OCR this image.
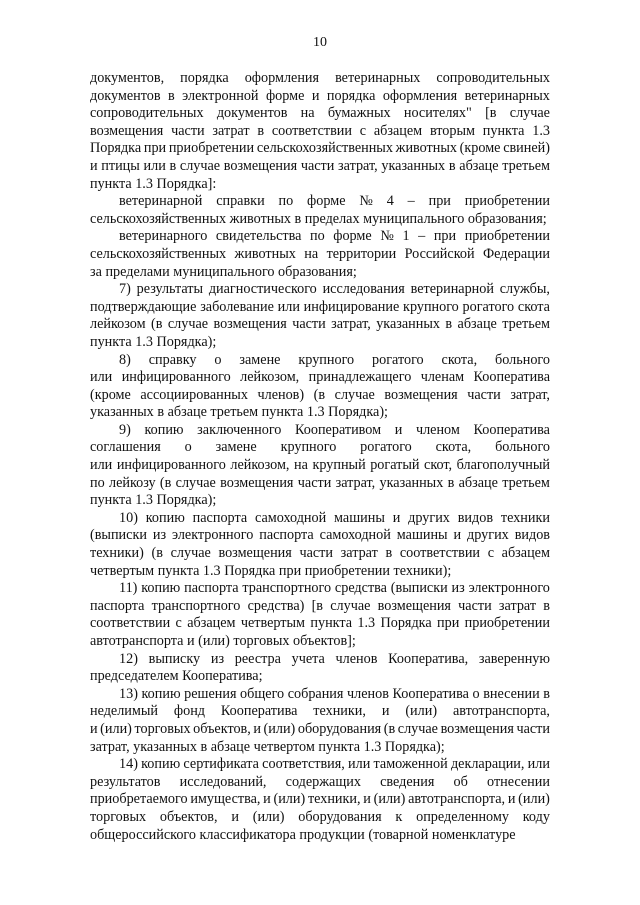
10

документов, порядка оформления ветеринарных сопроводительных
документов в электронной форме и порядка оформления ветеринарных
сопроводительных документов на бумажных носителях" [в случае
возмещения части затрат в соответствии с абзацем вторым пункта 1.3
Порядка при приобретении сельскохозяйственных животных (кроме свиней)
и птицы или в случае возмещения части затрат, указанных в абзаце третьем
пункта 1.3 Порядка]:

ветеринарной справки по форме № 4 – при приобретении
сельскохозяйственных животных в пределах муниципального образования;

ветеринарного свидетельства по форме № 1 – при приобретении
сельскохозяйственных животных на территории Российской Федерации
за пределами муниципального образования;

7) результаты диагностического исследования ветеринарной службы,
подтверждающие заболевание или инфицирование крупного рогатого скота
лейкозом (в случае возмещения части затрат, указанных в абзаце третьем
пункта 1.3 Порядка);

8) справку о замене крупного рогатого скота, больного
или инфицированного лейкозом, принадлежащего членам Кооператива
(кроме ассоциированных членов) (в случае возмещения части затрат,
указанных в абзаце третьем пункта 1.3 Порядка);

9) копию заключенного Кооперативом и членом Кооператива
соглашения о замене крупного рогатого скота, больного
или инфицированного лейкозом, на крупный рогатый скот, благополучный
по лейкозу (в случае возмещения части затрат, указанных в абзаце третьем
пункта 1.3 Порядка);

10) копию паспорта самоходной машины и других видов техники
(выписки из электронного паспорта самоходной машины и других видов
техники) (в случае возмещения части затрат в соответствии с абзацем
четвертым пункта 1.3 Порядка при приобретении техники);

11) копию паспорта транспортного средства (выписки из электронного
паспорта транспортного средства) [в случае возмещения части затрат в
соответствии с абзацем четвертым пункта 1.3 Порядка при приобретении
автотранспорта и (или) торговых объектов];

12) выписку из реестра учета членов Кооператива, заверенную
председателем Кооператива;

13) копию решения общего собрания членов Кооператива о внесении в
неделимый фонд Кооператива техники, и (или) автотранспорта,
и (или) торговых объектов, и (или) оборудования (в случае возмещения части
затрат, указанных в абзаце четвертом пункта 1.3 Порядка);

14) копию сертификата соответствия, или таможенной декларации, или
результатов исследований, содержащих сведения об отнесении
приобретаемого имущества, и (или) техники, и (или) автотранспорта, и (или)
торговых объектов, и (или) оборудования к определенному коду
общероссийского классификатора продукции (товарной номенклатуре
